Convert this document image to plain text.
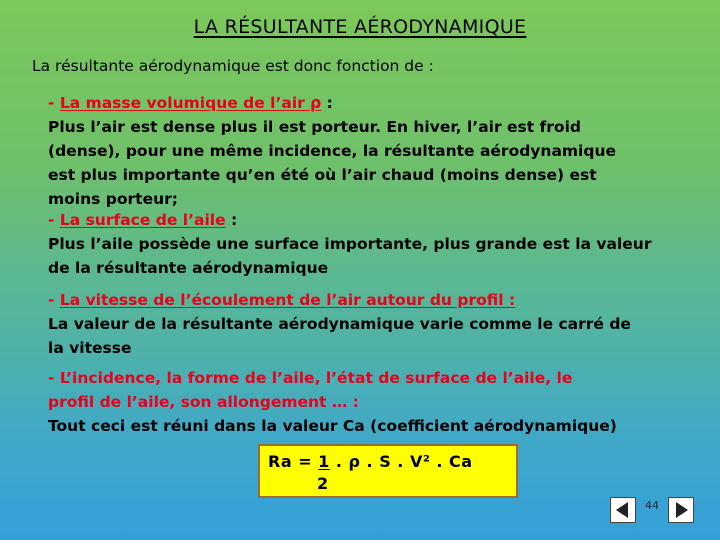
LA RÉSULTANTE AÉRODYNAMIQUE
La résultante aérodynamique est donc fonction de :
- La masse volumique de l’air ρ :
Plus l’air est dense plus il est porteur. En hiver, l’air est froid
(dense), pour une même incidence, la résultante aérodynamique
est plus importante qu’en été où l’air chaud (moins dense) est
moins porteur;
- La surface de l’aile :
Plus l’aile possède une surface importante, plus grande est la valeur
de la résultante aérodynamique
- La vitesse de l’écoulement de l’air autour du profil :
La valeur de la résultante aérodynamique varie comme le carré de
la vitesse
- L’incidence, la forme de l’aile, l’état de surface de l’aile, le
profil de l’aile, son allongement … :
Tout ceci est réuni dans la valeur Ca (coefficient aérodynamique)
Ra = 1 . ρ . S . V² . Ca
2
44
